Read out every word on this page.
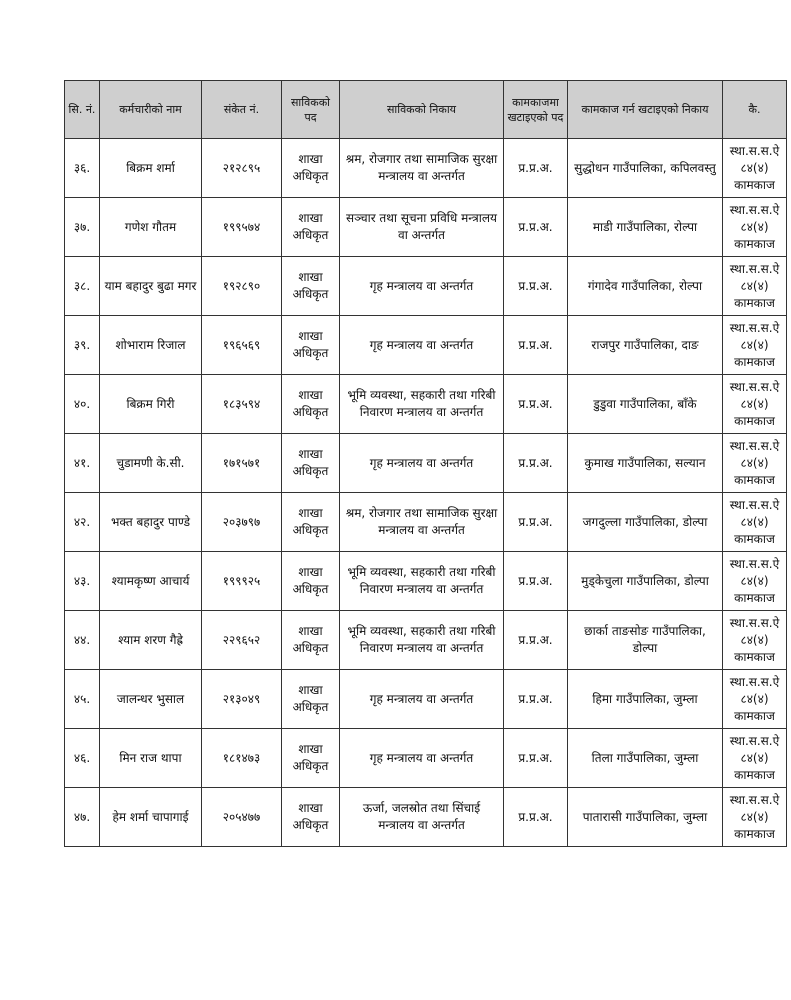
सि. नं.	कर्मचारीको नाम	संकेत नं.	साविकको पद	साविकको निकाय	कामकाजमा खटाइएको पद	कामकाज गर्न खटाइएको निकाय	कै.
३६.	बिक्रम शर्मा	२१२८९५	शाखा अधिकृत	श्रम, रोजगार तथा सामाजिक सुरक्षा मन्त्रालय वा अन्तर्गत	प्र.प्र.अ.	सुद्धोधन गाउँपालिका, कपिलवस्तु	स्था.स.स.ऐ ८४(४) कामकाज
३७.	गणेश गौतम	१९९५७४	शाखा अधिकृत	सञ्चार तथा सूचना प्रविधि मन्त्रालय वा अन्तर्गत	प्र.प्र.अ.	माडी गाउँपालिका, रोल्पा	स्था.स.स.ऐ ८४(४) कामकाज
३८.	याम बहादुर बुढा मगर	१९२८९०	शाखा अधिकृत	गृह मन्त्रालय वा अन्तर्गत	प्र.प्र.अ.	गंगादेव गाउँपालिका, रोल्पा	स्था.स.स.ऐ ८४(४) कामकाज
३९.	शोभाराम रिजाल	१९६५६९	शाखा अधिकृत	गृह मन्त्रालय वा अन्तर्गत	प्र.प्र.अ.	राजपुर गाउँपालिका, दाङ	स्था.स.स.ऐ ८४(४) कामकाज
४०.	बिक्रम गिरी	१८३५९४	शाखा अधिकृत	भूमि व्यवस्था, सहकारी तथा गरिबी निवारण मन्त्रालय वा अन्तर्गत	प्र.प्र.अ.	डुडुवा गाउँपालिका, बाँके	स्था.स.स.ऐ ८४(४) कामकाज
४१.	चुडामणी के.सी.	१७१५७१	शाखा अधिकृत	गृह मन्त्रालय वा अन्तर्गत	प्र.प्र.अ.	कुमाख गाउँपालिका, सल्यान	स्था.स.स.ऐ ८४(४) कामकाज
४२.	भक्त बहादुर पाण्डे	२०३७९७	शाखा अधिकृत	श्रम, रोजगार तथा सामाजिक सुरक्षा मन्त्रालय वा अन्तर्गत	प्र.प्र.अ.	जगदुल्ला गाउँपालिका, डोल्पा	स्था.स.स.ऐ ८४(४) कामकाज
४३.	श्यामकृष्ण आचार्य	१९९९२५	शाखा अधिकृत	भूमि व्यवस्था, सहकारी तथा गरिबी निवारण मन्त्रालय वा अन्तर्गत	प्र.प्र.अ.	मुड्केचुला गाउँपालिका, डोल्पा	स्था.स.स.ऐ ८४(४) कामकाज
४४.	श्याम शरण गैह्रे	२२९६५२	शाखा अधिकृत	भूमि व्यवस्था, सहकारी तथा गरिबी निवारण मन्त्रालय वा अन्तर्गत	प्र.प्र.अ.	छार्का ताङसोङ गाउँपालिका, डोल्पा	स्था.स.स.ऐ ८४(४) कामकाज
४५.	जालन्धर भुसाल	२१३०४९	शाखा अधिकृत	गृह मन्त्रालय वा अन्तर्गत	प्र.प्र.अ.	हिमा गाउँपालिका, जुम्ला	स्था.स.स.ऐ ८४(४) कामकाज
४६.	मिन राज थापा	१८१४७३	शाखा अधिकृत	गृह मन्त्रालय वा अन्तर्गत	प्र.प्र.अ.	तिला गाउँपालिका, जुम्ला	स्था.स.स.ऐ ८४(४) कामकाज
४७.	हेम शर्मा चापागाई	२०५४७७	शाखा अधिकृत	ऊर्जा, जलस्रोत तथा सिंचाई मन्त्रालय वा अन्तर्गत	प्र.प्र.अ.	पातारासी गाउँपालिका, जुम्ला	स्था.स.स.ऐ ८४(४) कामकाज
